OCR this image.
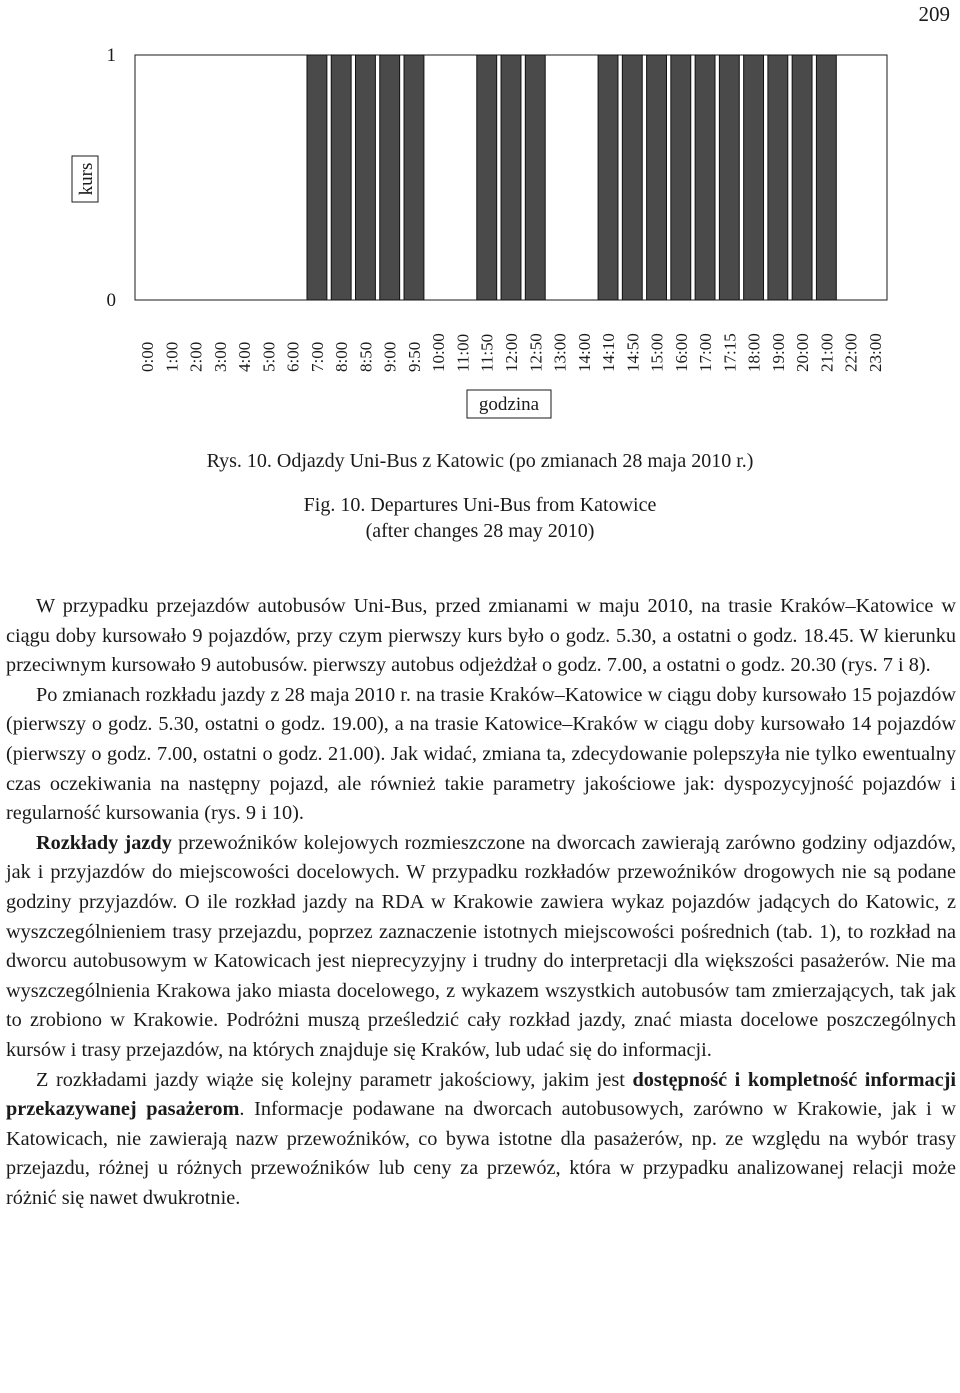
209
0:00 1:00 2:00 3:00 4:00 5:00 6:00 7:00 8:00 8:50 9:00 9:50 10:00 11:00 11:50 12:00 12:50 13:00 14:00 14:10 14:50 15:00 16:00 17:00 17:15 18:00 19:00 20:00 21:00 22:00 23:00
0
1
kurs
godzina
Rys. 10. Odjazdy Uni-Bus z Katowic (po zmianach 28 maja 2010 r.)
Fig. 10. Departures Uni-Bus from Katowice
(after changes 28 may 2010)

W przypadku przejazdów autobusów Uni-Bus, przed zmianami w maju 2010, na trasie Kraków–Katowice w ciągu doby kursowało 9 pojazdów, przy czym pierwszy kurs było o godz. 5.30, a ostatni o godz. 18.45. W kierunku przeciwnym kursowało 9 autobusów. pierwszy autobus odjeżdżał o godz. 7.00, a ostatni o godz. 20.30 (rys. 7 i 8).

Po zmianach rozkładu jazdy z 28 maja 2010 r. na trasie Kraków–Katowice w ciągu doby kursowało 15 pojazdów (pierwszy o godz. 5.30, ostatni o godz. 19.00), a na trasie Katowice–Kraków w ciągu doby kursowało 14 pojazdów (pierwszy o godz. 7.00, ostatni o godz. 21.00). Jak widać, zmiana ta, zdecydowanie polepszyła nie tylko ewentualny czas oczekiwania na następny pojazd, ale również takie parametry jakościowe jak: dyspozycyjność pojazdów i regularność kursowania (rys. 9 i 10).

Rozkłady jazdy przewoźników kolejowych rozmieszczone na dworcach zawierają zarówno godziny odjazdów, jak i przyjazdów do miejscowości docelowych. W przypadku rozkładów przewoźników drogowych nie są podane godziny przyjazdów. O ile rozkład jazdy na RDA w Krakowie zawiera wykaz pojazdów jadących do Katowic, z wyszczególnieniem trasy przejazdu, poprzez zaznaczenie istotnych miejscowości pośrednich (tab. 1), to rozkład na dworcu autobusowym w Katowicach jest nieprecyzyjny i trudny do interpretacji dla większości pasażerów. Nie ma wyszczególnienia Krakowa jako miasta docelowego, z wykazem wszystkich autobusów tam zmierzających, tak jak to zrobiono w Krakowie. Podróżni muszą prześledzić cały rozkład jazdy, znać miasta docelowe poszczególnych kursów i trasy przejazdów, na których znajduje się Kraków, lub udać się do informacji.

Z rozkładami jazdy wiąże się kolejny parametr jakościowy, jakim jest dostępność i kompletność informacji przekazywanej pasażerom. Informacje podawane na dworcach autobusowych, zarówno w Krakowie, jak i w Katowicach, nie zawierają nazw przewoźników, co bywa istotne dla pasażerów, np. ze względu na wybór trasy przejazdu, różnej u różnych przewoźników lub ceny za przewóz, która w przypadku analizowanej relacji może różnić się nawet dwukrotnie.
